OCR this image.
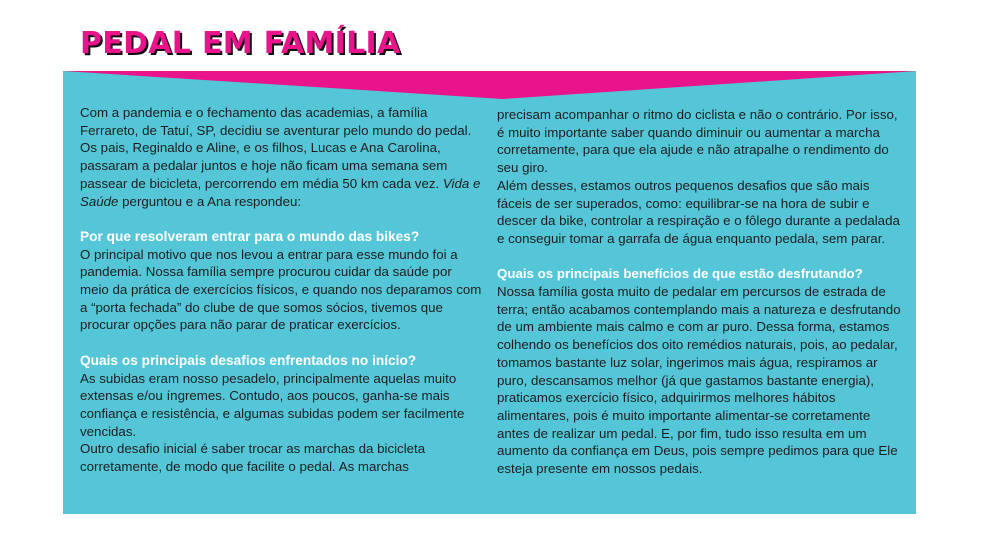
PEDAL EM FAMÍLIA

Com a pandemia e o fechamento das academias, a família Ferrareto, de Tatuí, SP, decidiu se aventurar pelo mundo do pedal. Os pais, Reginaldo e Aline, e os filhos, Lucas e Ana Carolina, passaram a pedalar juntos e hoje não ficam uma semana sem passear de bicicleta, percorrendo em média 50 km cada vez. Vida e Saúde perguntou e a Ana respondeu:

Por que resolveram entrar para o mundo das bikes?

O principal motivo que nos levou a entrar para esse mundo foi a pandemia. Nossa família sempre procurou cuidar da saúde por meio da prática de exercícios físicos, e quando nos deparamos com a “porta fechada” do clube de que somos sócios, tivemos que procurar opções para não parar de praticar exercícios.

Quais os principais desafios enfrentados no início?

As subidas eram nosso pesadelo, principalmente aquelas muito extensas e/ou íngremes. Contudo, aos poucos, ganha-se mais confiança e resistência, e algumas subidas podem ser facilmente vencidas.

Outro desafio inicial é saber trocar as marchas da bicicleta corretamente, de modo que facilite o pedal. As marchas

precisam acompanhar o ritmo do ciclista e não o contrário. Por isso, é muito importante saber quando diminuir ou aumentar a marcha corretamente, para que ela ajude e não atrapalhe o rendimento do seu giro.

Além desses, estamos outros pequenos desafios que são mais fáceis de ser superados, como: equilibrar-se na hora de subir e descer da bike, controlar a respiração e o fôlego durante a pedalada e conseguir tomar a garrafa de água enquanto pedala, sem parar.

Quais os principais benefícios de que estão desfrutando?

Nossa família gosta muito de pedalar em percursos de estrada de terra; então acabamos contemplando mais a natureza e desfrutando de um ambiente mais calmo e com ar puro. Dessa forma, estamos colhendo os benefícios dos oito remédios naturais, pois, ao pedalar, tomamos bastante luz solar, ingerimos mais água, respiramos ar puro, descansamos melhor (já que gastamos bastante energia), praticamos exercício físico, adquirirmos melhores hábitos alimentares, pois é muito importante alimentar-se corretamente antes de realizar um pedal. E, por fim, tudo isso resulta em um aumento da confiança em Deus, pois sempre pedimos para que Ele esteja presente em nossos pedais.
